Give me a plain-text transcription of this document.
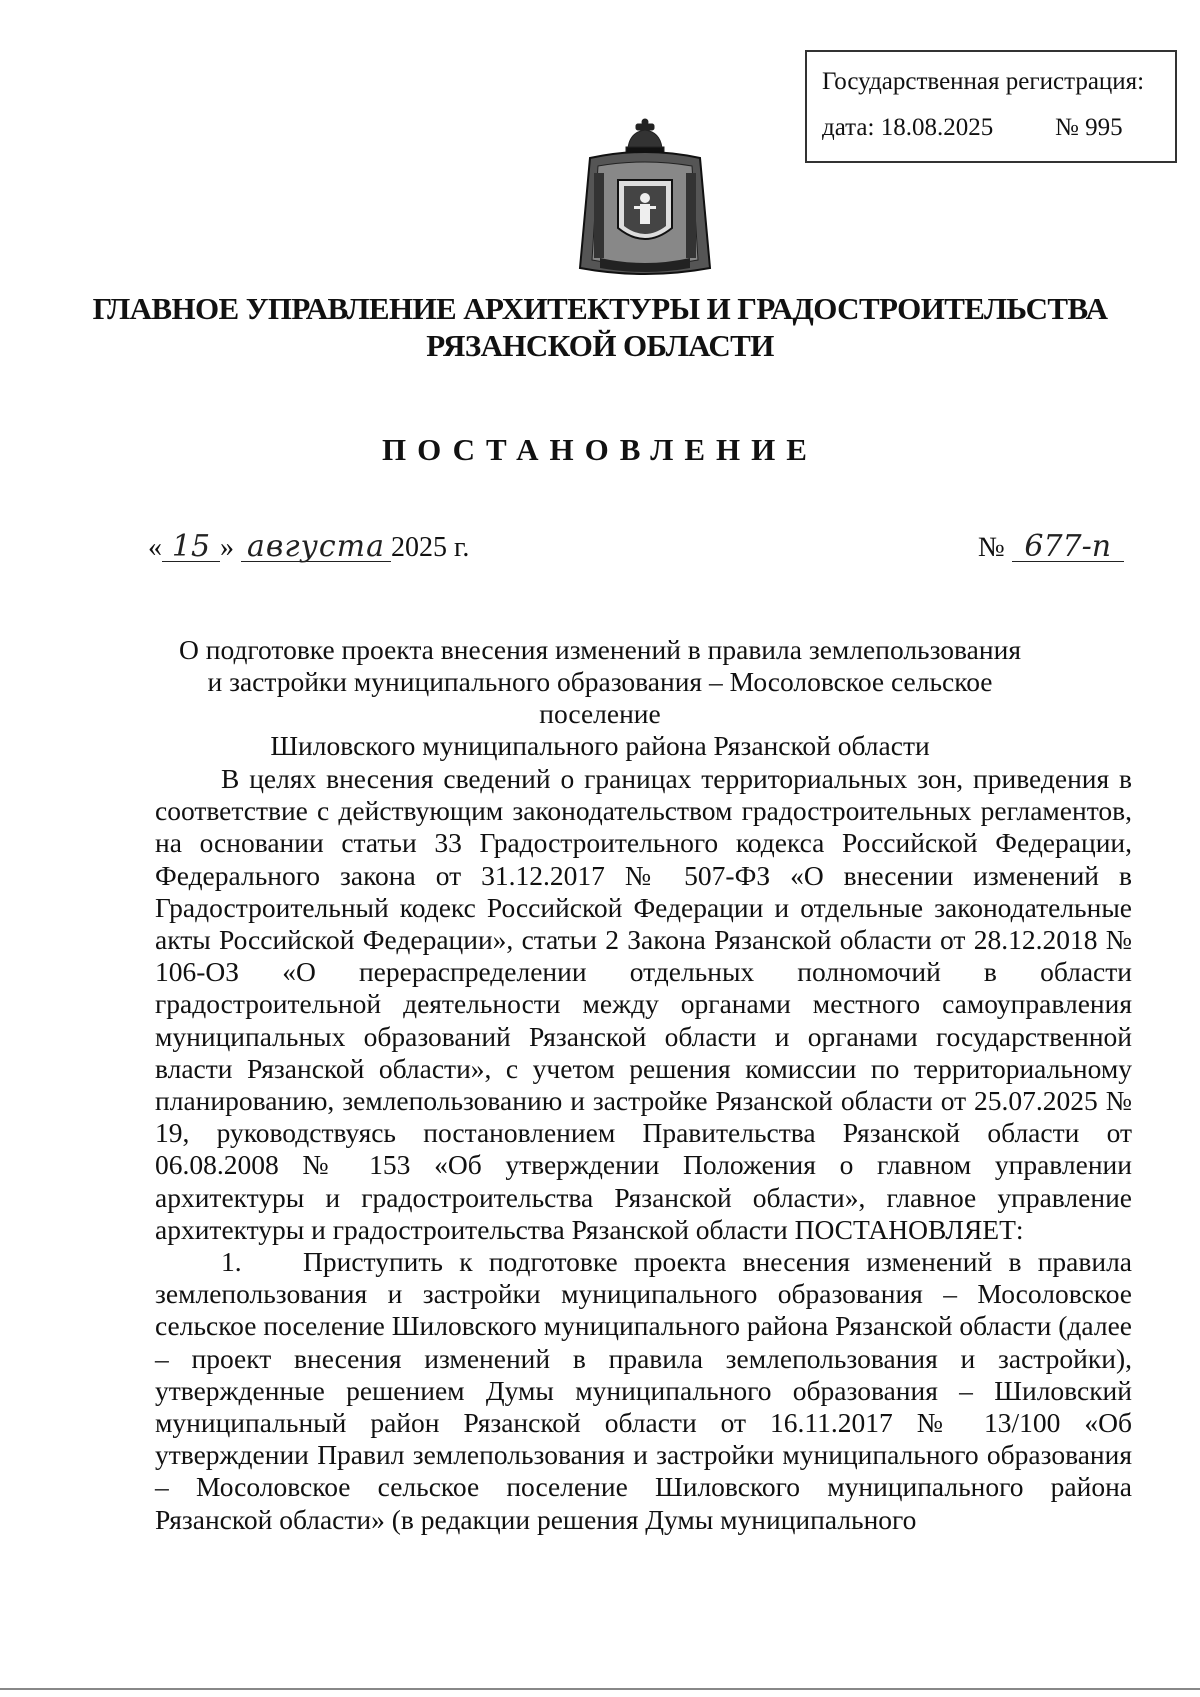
Государственная регистрация:
дата: 18.08.2025 № 995
ГЛАВНОЕ УПРАВЛЕНИЕ АРХИТЕКТУРЫ И ГРАДОСТРОИТЕЛЬСТВА
РЯЗАНСКОЙ ОБЛАСТИ
ПОСТАНОВЛЕНИЕ
« 15 » августа 2025 г.	№ 677-п
О подготовке проекта внесения изменений в правила землепользования
и застройки муниципального образования – Мосоловское сельское поселение
Шиловского муниципального района Рязанской области

В целях внесения сведений о границах территориальных зон, приведения в соответствие с действующим законодательством градостроительных регламентов, на основании статьи 33 Градостроительного кодекса Российской Федерации, Федерального закона от 31.12.2017 № 507-ФЗ «О внесении изменений в Градостроительный кодекс Российской Федерации и отдельные законодательные акты Российской Федерации», статьи 2 Закона Рязанской области от 28.12.2018 № 106-ОЗ «О перераспределении отдельных полномочий в области градостроительной деятельности между органами местного самоуправления муниципальных образований Рязанской области и органами государственной власти Рязанской области», с учетом решения комиссии по территориальному планированию, землепользованию и застройке Рязанской области от 25.07.2025 № 19, руководствуясь постановлением Правительства Рязанской области от 06.08.2008 № 153 «Об утверждении Положения о главном управлении архитектуры и градостроительства Рязанской области», главное управление архитектуры и градостроительства Рязанской области ПОСТАНОВЛЯЕТ:

1. Приступить к подготовке проекта внесения изменений в правила землепользования и застройки муниципального образования – Мосоловское сельское поселение Шиловского муниципального района Рязанской области (далее – проект внесения изменений в правила землепользования и застройки), утвержденные решением Думы муниципального образования – Шиловский муниципальный район Рязанской области от 16.11.2017 № 13/100 «Об утверждении Правил землепользования и застройки муниципального образования – Мосоловское сельское поселение Шиловского муниципального района Рязанской области» (в редакции решения Думы муниципального
